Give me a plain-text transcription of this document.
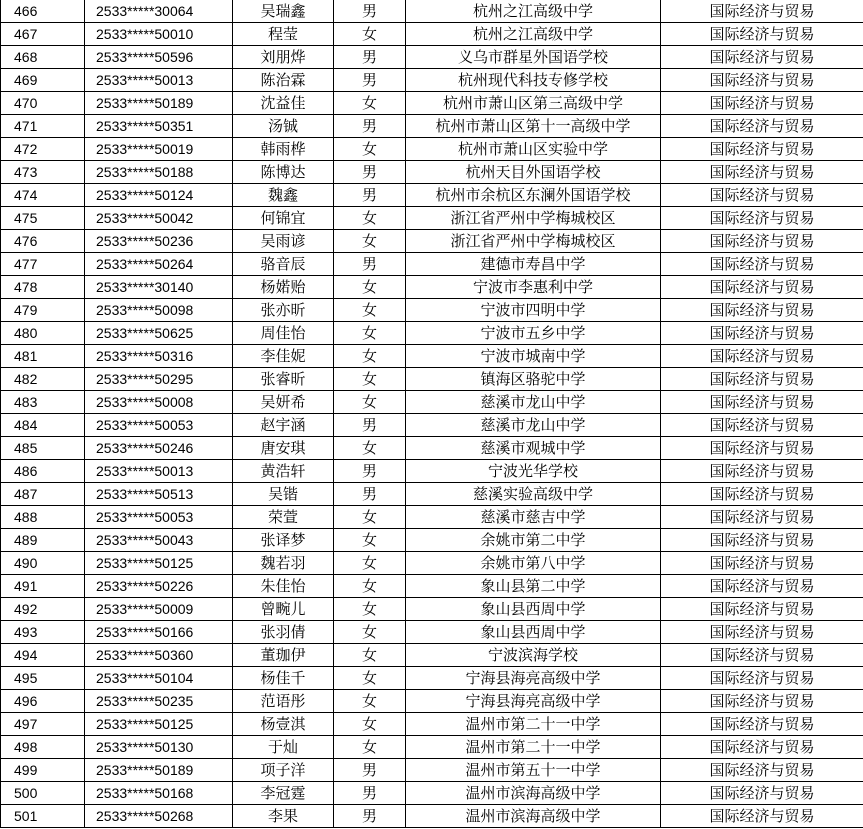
466	2533*****30064	吴瑞鑫	男	杭州之江高级中学	国际经济与贸易
467	2533*****50010	程莹	女	杭州之江高级中学	国际经济与贸易
468	2533*****50596	刘朋烨	男	义乌市群星外国语学校	国际经济与贸易
469	2533*****50013	陈治霖	男	杭州现代科技专修学校	国际经济与贸易
470	2533*****50189	沈益佳	女	杭州市萧山区第三高级中学	国际经济与贸易
471	2533*****50351	汤铖	男	杭州市萧山区第十一高级中学	国际经济与贸易
472	2533*****50019	韩雨桦	女	杭州市萧山区实验中学	国际经济与贸易
473	2533*****50188	陈博达	男	杭州天目外国语学校	国际经济与贸易
474	2533*****50124	魏鑫	男	杭州市余杭区东澜外国语学校	国际经济与贸易
475	2533*****50042	何锦宜	女	浙江省严州中学梅城校区	国际经济与贸易
476	2533*****50236	吴雨谚	女	浙江省严州中学梅城校区	国际经济与贸易
477	2533*****50264	骆音辰	男	建德市寿昌中学	国际经济与贸易
478	2533*****30140	杨婼贻	女	宁波市李惠利中学	国际经济与贸易
479	2533*****50098	张亦昕	女	宁波市四明中学	国际经济与贸易
480	2533*****50625	周佳怡	女	宁波市五乡中学	国际经济与贸易
481	2533*****50316	李佳妮	女	宁波市城南中学	国际经济与贸易
482	2533*****50295	张睿昕	女	镇海区骆驼中学	国际经济与贸易
483	2533*****50008	吴妍希	女	慈溪市龙山中学	国际经济与贸易
484	2533*****50053	赵宇涵	男	慈溪市龙山中学	国际经济与贸易
485	2533*****50246	唐安琪	女	慈溪市观城中学	国际经济与贸易
486	2533*****50013	黄浩轩	男	宁波光华学校	国际经济与贸易
487	2533*****50513	吴锴	男	慈溪实验高级中学	国际经济与贸易
488	2533*****50053	荣萱	女	慈溪市慈吉中学	国际经济与贸易
489	2533*****50043	张译梦	女	余姚市第二中学	国际经济与贸易
490	2533*****50125	魏若羽	女	余姚市第八中学	国际经济与贸易
491	2533*****50226	朱佳怡	女	象山县第二中学	国际经济与贸易
492	2533*****50009	曾畹儿	女	象山县西周中学	国际经济与贸易
493	2533*****50166	张羽倩	女	象山县西周中学	国际经济与贸易
494	2533*****50360	董珈伊	女	宁波滨海学校	国际经济与贸易
495	2533*****50104	杨佳千	女	宁海县海亮高级中学	国际经济与贸易
496	2533*****50235	范语彤	女	宁海县海亮高级中学	国际经济与贸易
497	2533*****50125	杨壹淇	女	温州市第二十一中学	国际经济与贸易
498	2533*****50130	于灿	女	温州市第二十一中学	国际经济与贸易
499	2533*****50189	项子洋	男	温州市第五十一中学	国际经济与贸易
500	2533*****50168	李冠霆	男	温州市滨海高级中学	国际经济与贸易
501	2533*****50268	李果	男	温州市滨海高级中学	国际经济与贸易
